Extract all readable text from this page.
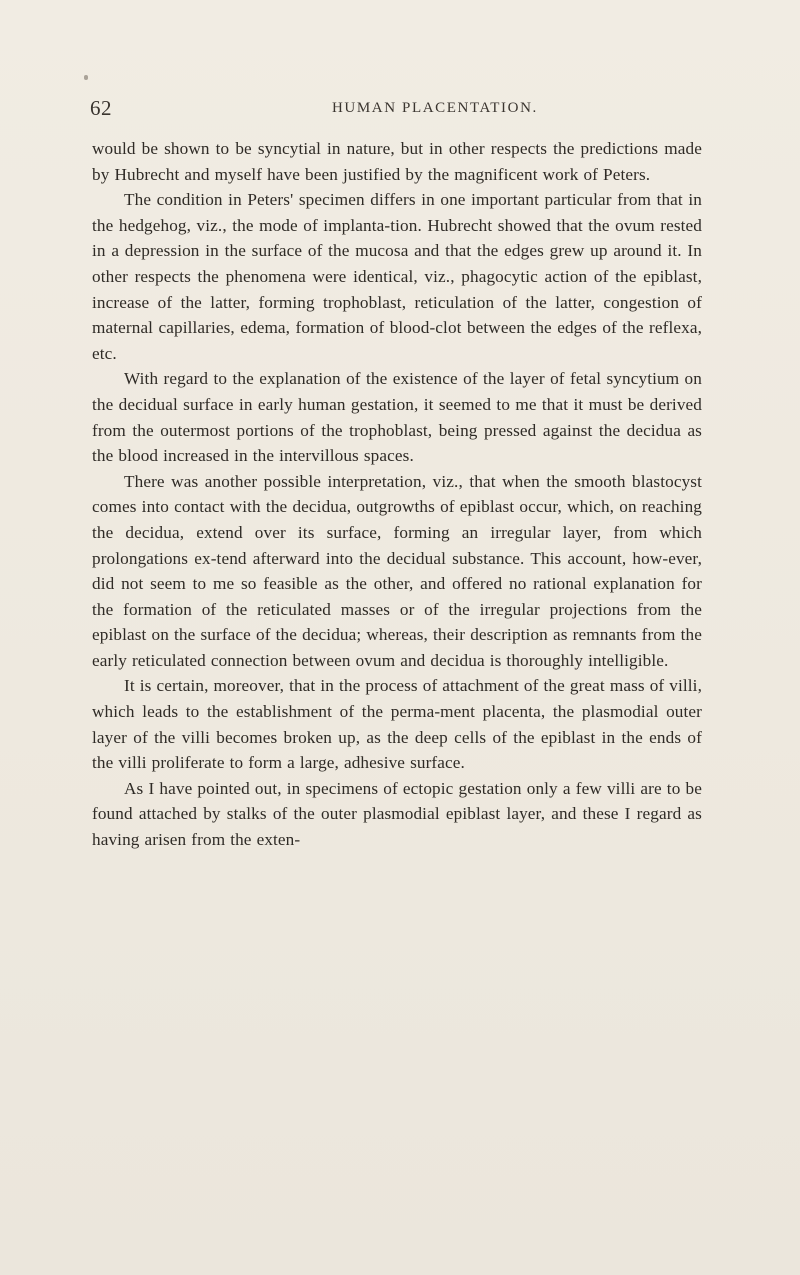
62	HUMAN PLACENTATION.

would be shown to be syncytial in nature, but in other respects the predictions made by Hubrecht and myself have been justified by the magnificent work of Peters.

The condition in Peters' specimen differs in one important particular from that in the hedgehog, viz., the mode of implanta-tion. Hubrecht showed that the ovum rested in a depression in the surface of the mucosa and that the edges grew up around it. In other respects the phenomena were identical, viz., phagocytic action of the epiblast, increase of the latter, forming trophoblast, reticulation of the latter, congestion of maternal capillaries, edema, formation of blood-clot between the edges of the reflexa, etc.

With regard to the explanation of the existence of the layer of fetal syncytium on the decidual surface in early human gestation, it seemed to me that it must be derived from the outermost portions of the trophoblast, being pressed against the decidua as the blood increased in the intervillous spaces.

There was another possible interpretation, viz., that when the smooth blastocyst comes into contact with the decidua, outgrowths of epiblast occur, which, on reaching the decidua, extend over its surface, forming an irregular layer, from which prolongations ex-tend afterward into the decidual substance. This account, how-ever, did not seem to me so feasible as the other, and offered no rational explanation for the formation of the reticulated masses or of the irregular projections from the epiblast on the surface of the decidua; whereas, their description as remnants from the early reticulated connection between ovum and decidua is thoroughly intelligible.

It is certain, moreover, that in the process of attachment of the great mass of villi, which leads to the establishment of the perma-ment placenta, the plasmodial outer layer of the villi becomes broken up, as the deep cells of the epiblast in the ends of the villi proliferate to form a large, adhesive surface.

As I have pointed out, in specimens of ectopic gestation only a few villi are to be found attached by stalks of the outer plasmodial epiblast layer, and these I regard as having arisen from the exten-
